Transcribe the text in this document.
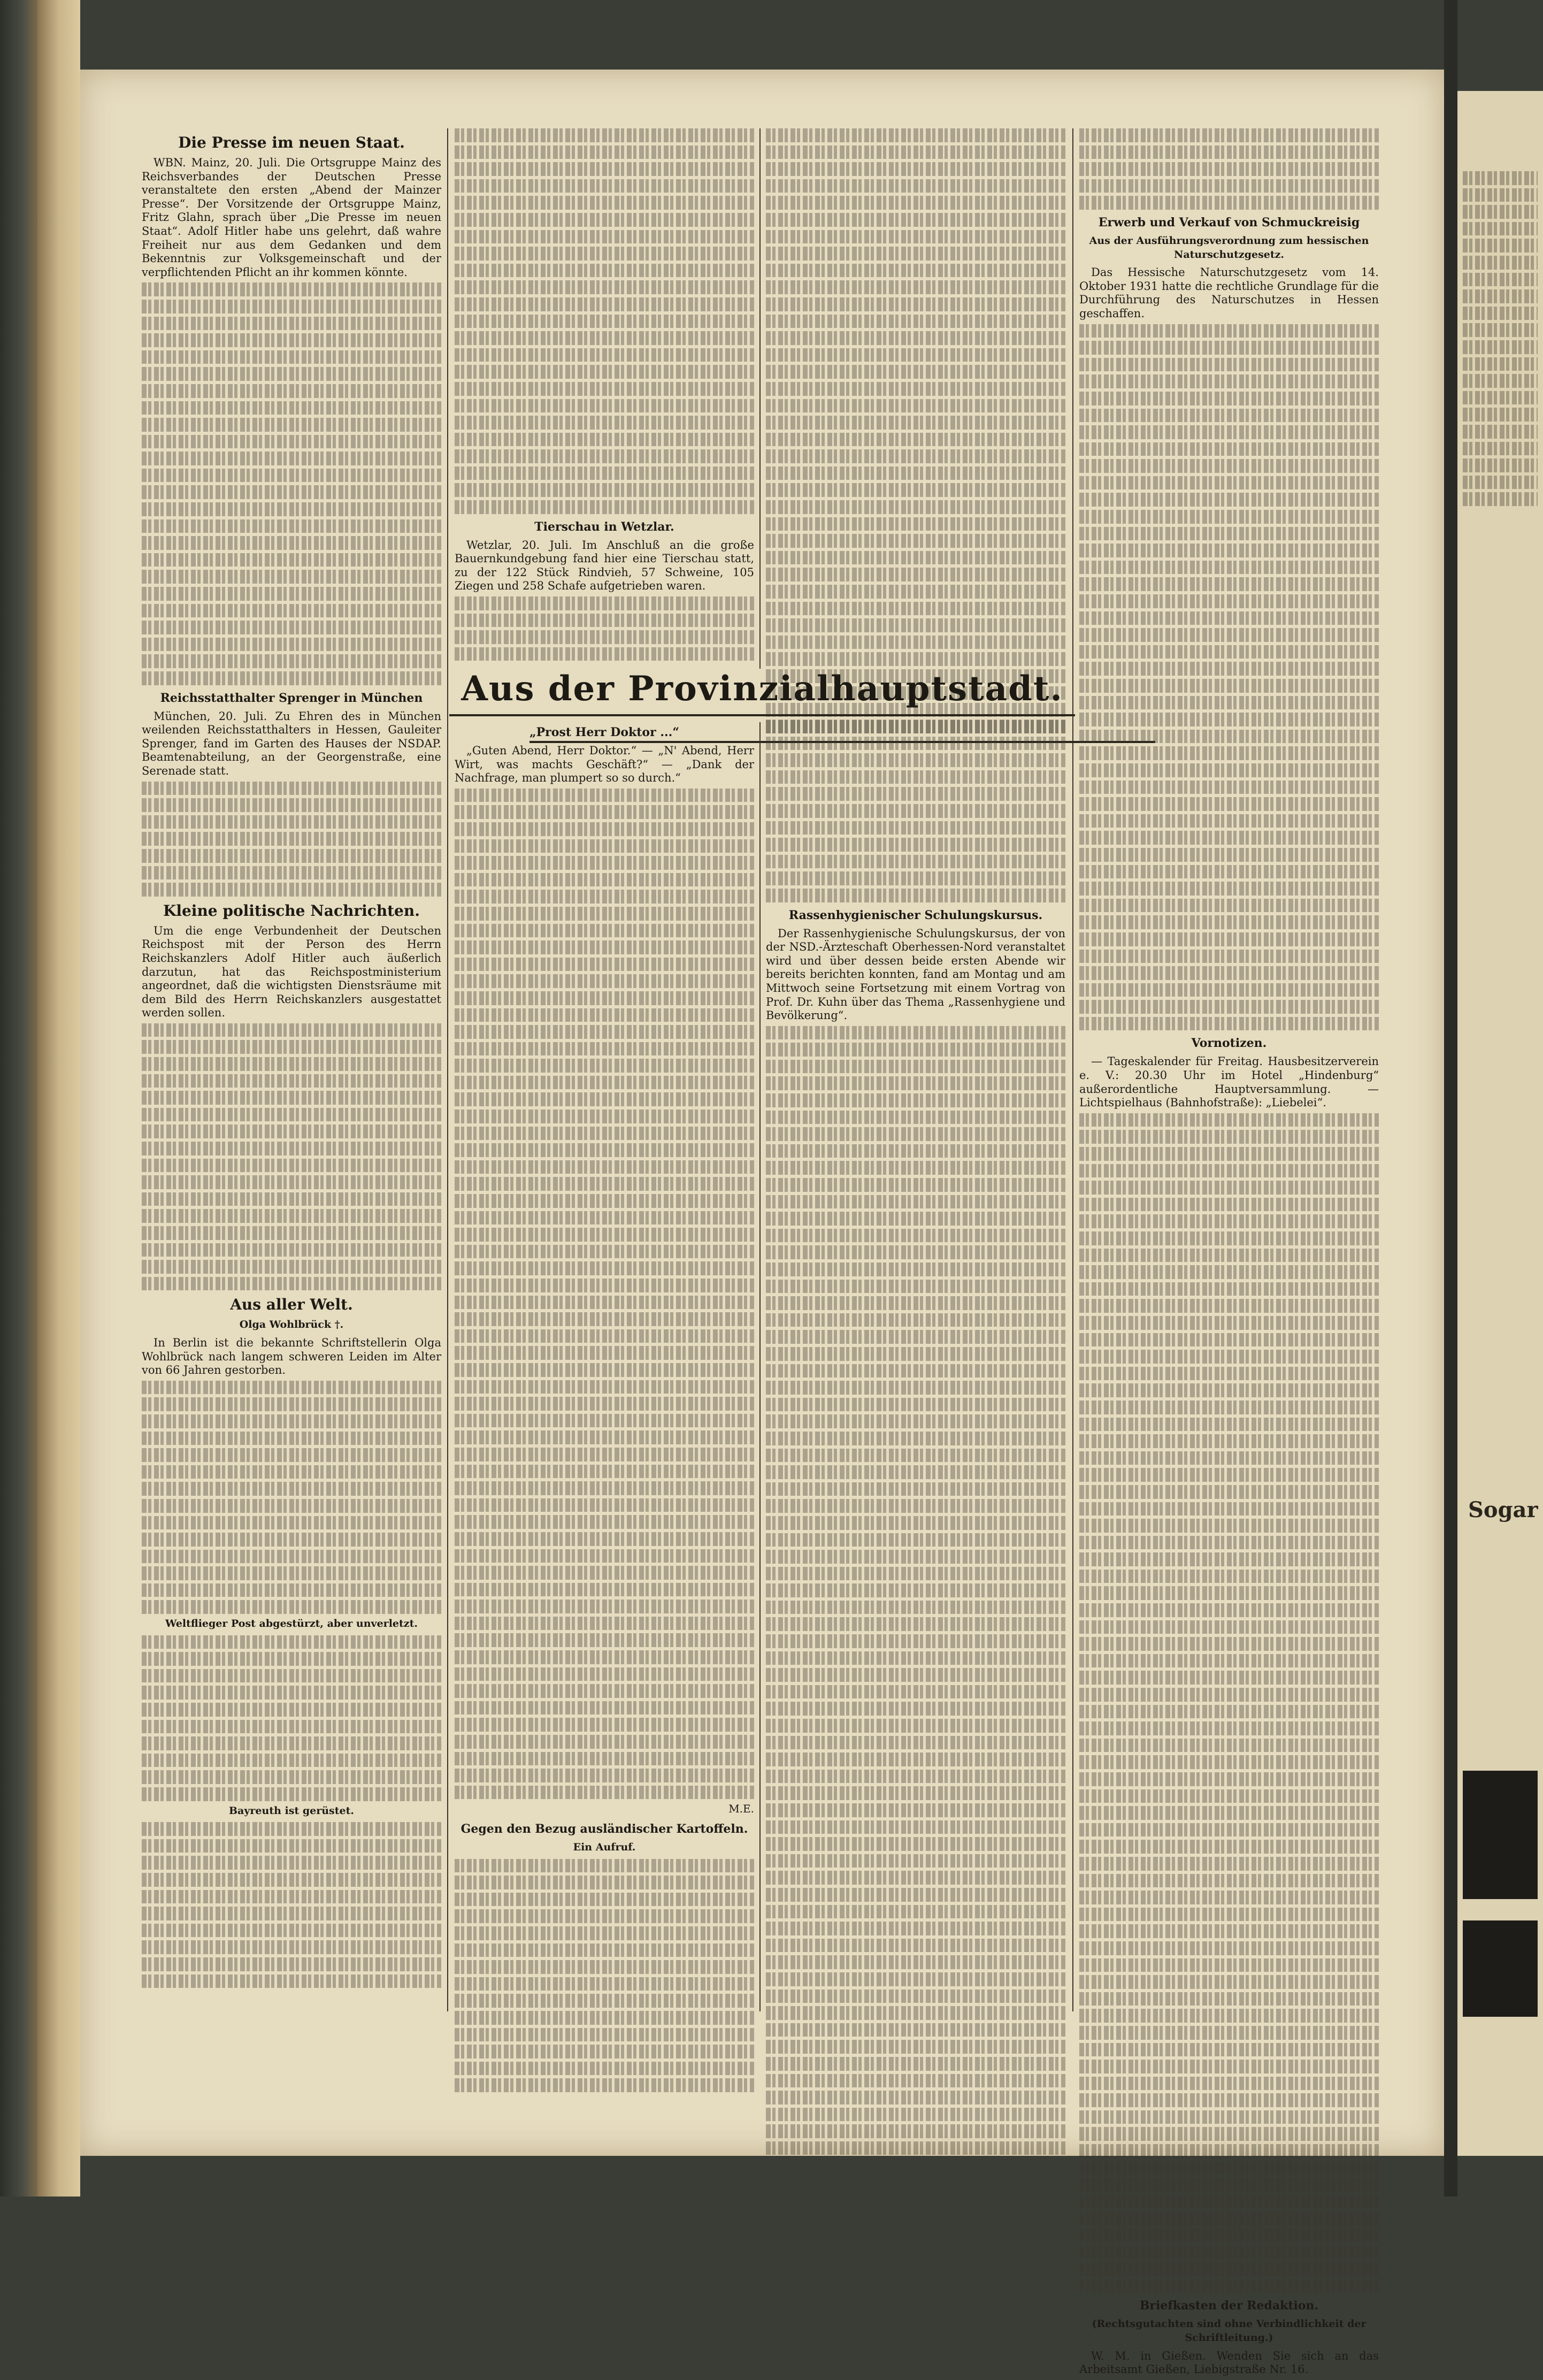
Die Presse im neuen Staat.

WBN. Mainz, 20. Juli. Die Ortsgruppe Mainz des Reichsverbandes der Deutschen Presse veranstaltete den ersten „Abend der Mainzer Presse“. Der Vorsitzende der Ortsgruppe Mainz, Fritz Glahn, sprach über „Die Presse im neuen Staat“. Adolf Hitler habe uns gelehrt, daß wahre Freiheit nur aus dem Gedanken und dem Bekenntnis zur Volksgemeinschaft und der verpflichtenden Pflicht an ihr kommen könnte.

Reichsstatthalter Sprenger in München

München, 20. Juli. Zu Ehren des in München weilenden Reichsstatthalters in Hessen, Gauleiter Sprenger, fand im Garten des Hauses der NSDAP. Beamtenabteilung, an der Georgenstraße, eine Serenade statt.

Kleine politische Nachrichten.

Um die enge Verbundenheit der Deutschen Reichspost mit der Person des Herrn Reichskanzlers Adolf Hitler auch äußerlich darzutun, hat das Reichspostministerium angeordnet, daß die wichtigsten Dienstsräume mit dem Bild des Herrn Reichskanzlers ausgestattet werden sollen.

Aus aller Welt.
Olga Wohlbrück †.

In Berlin ist die bekannte Schriftstellerin Olga Wohlbrück nach langem schweren Leiden im Alter von 66 Jahren gestorben.

Weltflieger Post abgestürzt, aber unverletzt.
Bayreuth ist gerüstet.
Tierschau in Wetzlar.

Wetzlar, 20. Juli. Im Anschluß an die große Bauernkundgebung fand hier eine Tierschau statt, zu der 122 Stück Rindvieh, 57 Schweine, 105 Ziegen und 258 Schafe aufgetrieben waren.

Aus der Provinzialhauptstadt.
„Prost Herr Doktor ...“

„Guten Abend, Herr Doktor.“ — „N' Abend, Herr Wirt, was machts Geschäft?“ — „Dank der Nachfrage, man plumpert so so durch.“

M.E.
Gegen den Bezug ausländischer Kartoffeln.
Ein Aufruf.
Rassenhygienischer Schulungskursus.

Der Rassenhygienische Schulungskursus, der von der NSD.-Ärzteschaft Oberhessen-Nord veranstaltet wird und über dessen beide ersten Abende wir bereits berichten konnten, fand am Montag und am Mittwoch seine Fortsetzung mit einem Vortrag von Prof. Dr. Kuhn über das Thema „Rassenhygiene und Bevölkerung“.

Erwerb und Verkauf von Schmuckreisig
Aus der Ausführungsverordnung zum hessischen Naturschutzgesetz.

Das Hessische Naturschutzgesetz vom 14. Oktober 1931 hatte die rechtliche Grundlage für die Durchführung des Naturschutzes in Hessen geschaffen.

Vornotizen.

— Tageskalender für Freitag. Hausbesitzerverein e. V.: 20.30 Uhr im Hotel „Hindenburg“ außerordentliche Hauptversammlung. — Lichtspielhaus (Bahnhofstraße): „Liebelei“.

Briefkasten der Redaktion.
(Rechtsgutachten sind ohne Verbindlichkeit der Schriftleitung.)

W. M. in Gießen. Wenden Sie sich an das Arbeitsamt Gießen, Liebigstraße Nr. 16.

Sogar
